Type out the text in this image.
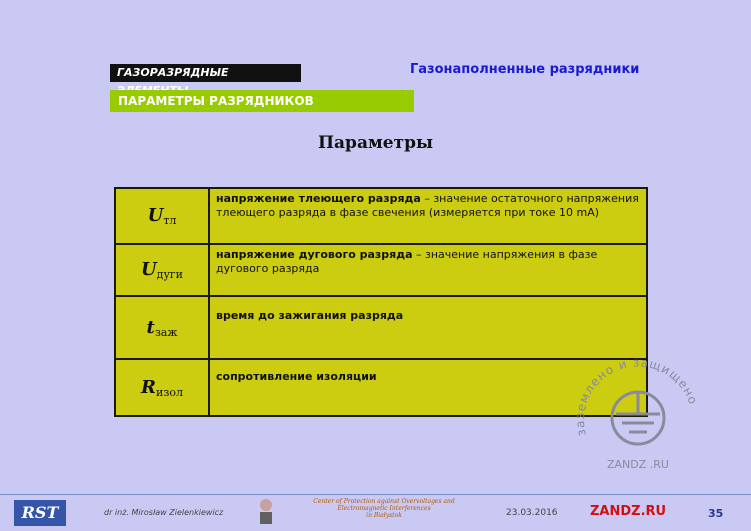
ГАЗОРАЗРЯДНЫЕ
ПАРАМЕТРЫ РАЗРЯДНИКОВ
Газонаполненные разрядники
Параметры
$U_{тл}$	напряжение тлеющего разряда – значение остаточного напряжения тлеющего разряда в фазе свечения (измеряется при токе 10 mA)
$U_{дуги}$	напряжение дугового разряда – значение напряжения в фазе дугового разряда
$t_{заж}$	время до зажигания разряда
$R_{изол}$	сопротивление изоляции
заземлено и защищено
ZANDZ .RU
RST	dr inż. Mirosław Zielenkiewicz
Center of Protection against Overvoltages and
Electromagnetic Interferences
in Białystok	23.03.2016 ZANDZ.RU	35
